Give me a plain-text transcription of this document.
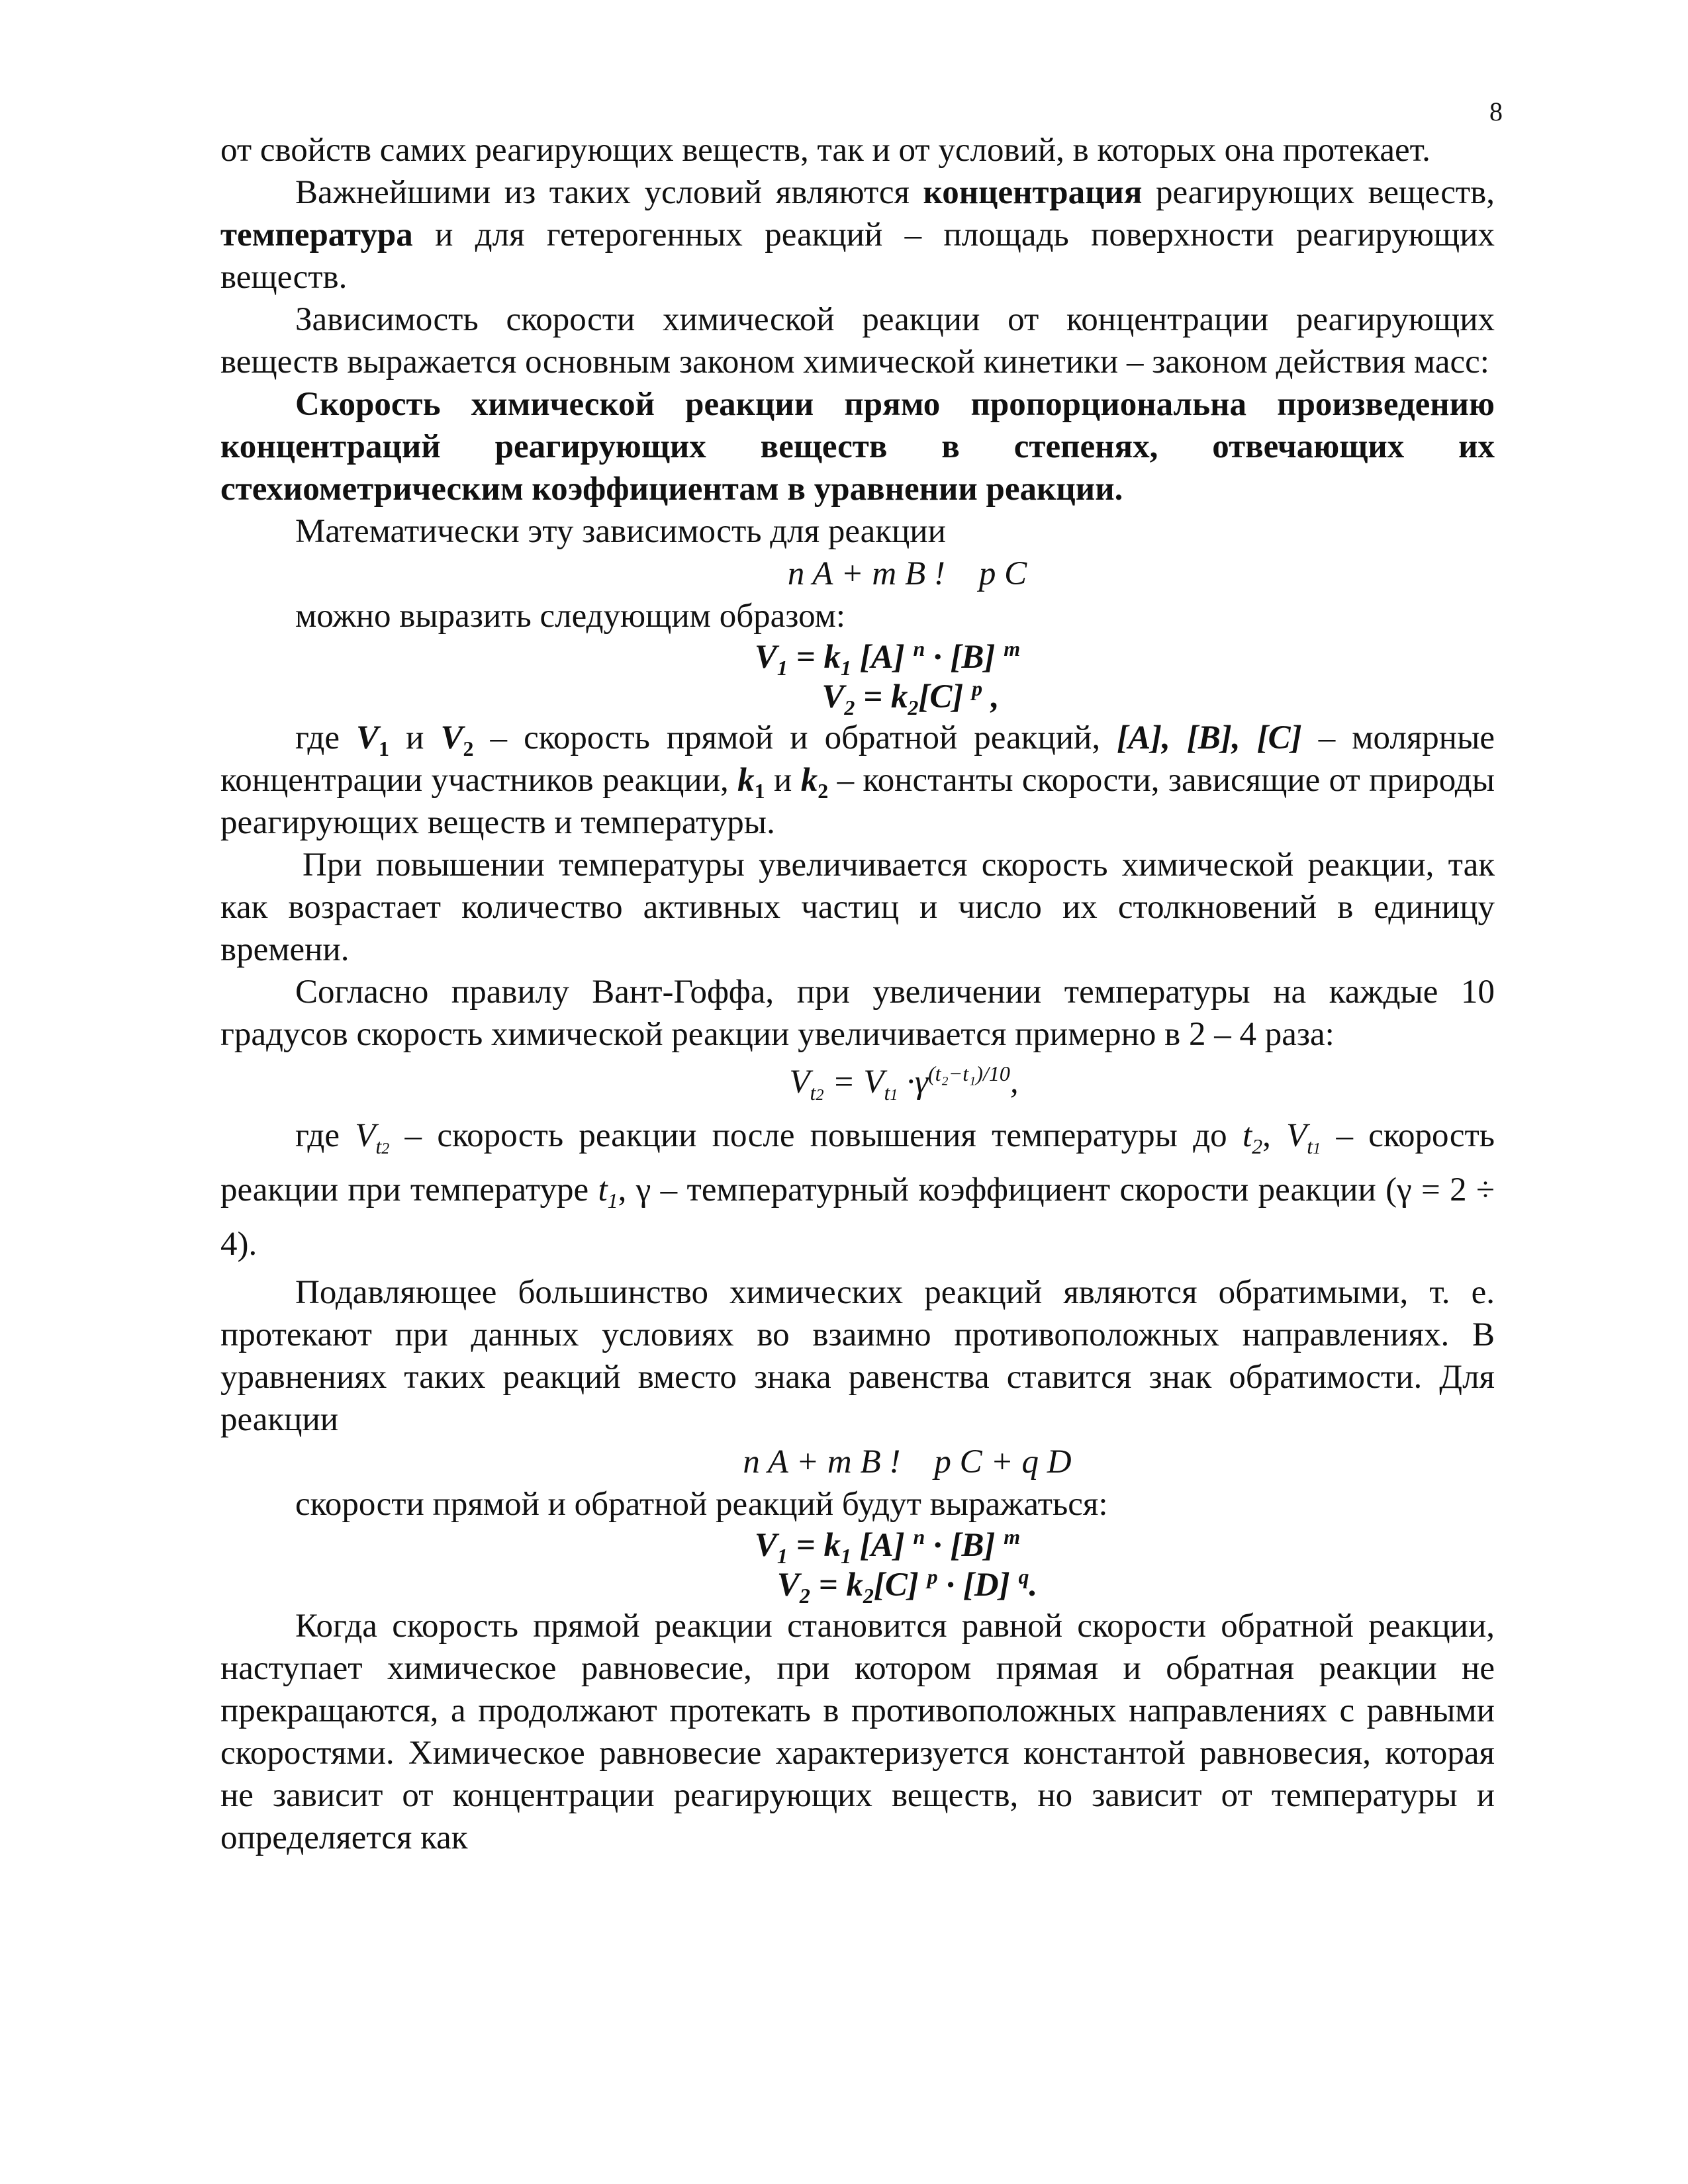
8

от свойств самих реагирующих веществ, так и от условий, в которых она протекает.

Важнейшими из таких условий являются концентрация реагирующих веществ, температура и для гетерогенных реакций – площадь поверхности реагирующих веществ.

Зависимость скорости химической реакции от концентрации реагирующих веществ выражается основным законом химической кинетики – законом действия масс:

Скорость химической реакции прямо пропорциональна произведению концентраций реагирующих веществ в степенях, отвечающих их стехиометрическим коэффициентам в уравнении реакции.

Математически эту зависимость для реакции

n A + m B !    p C

можно выразить следующим образом:

$V_1 = k_1$ [A] $^n$ · [B] $^m$

$V_2 = k_2[C]$ $^p$ ,

где $V_1$ и $V_2$ – скорость прямой и обратной реакций, [A], [B], [C] – молярные концентрации участников реакции, $k_1$ и $k_2$ – константы скорости, зависящие от природы реагирующих веществ и температуры.

При повышении температуры увеличивается скорость химической реакции, так как возрастает количество активных частиц и число их столкновений в единицу времени.

Согласно правилу Вант-Гоффа, при увеличении температуры на каждые 10 градусов скорость химической реакции увеличивается примерно в 2 – 4 раза:

$V_{t2} = V_{t1} \cdot\gamma^{(t_2-t_1)/10}$,

где $V_{t2}$ – скорость реакции после повышения температуры до $t_2$, $V_{t1}$ – скорость реакции при температуре $t_1$, γ – температурный коэффициент скорости реакции (γ = 2 ÷ 4).

Подавляющее большинство химических реакций являются обратимыми, т. е. протекают при данных условиях во взаимно противоположных направлениях. В уравнениях таких реакций вместо знака равенства ставится знак обратимости. Для реакции

n A + m B !    p C + q D

скорости прямой и обратной реакций будут выражаться:

$V_1 = k_1$ [A] $^n$ · [B] $^m$

$V_2 = k_2[C] ^p \cdot [D]$ $^q$.

Когда скорость прямой реакции становится равной скорости обратной реакции, наступает химическое равновесие, при котором прямая и обратная реакции не прекращаются, а продолжают протекать в противоположных направлениях с равными скоростями. Химическое равновесие характеризуется константой равновесия, которая не зависит от концентрации реагирующих веществ, но зависит от температуры и определяется как
